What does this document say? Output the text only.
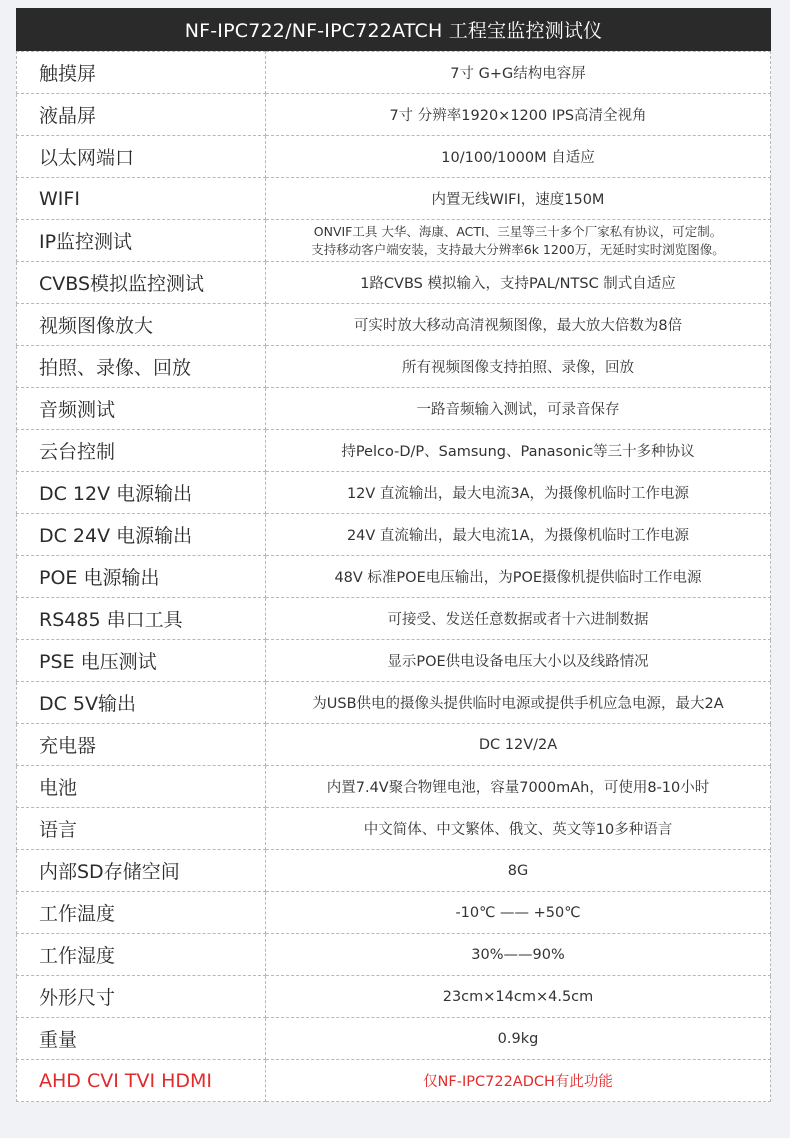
NF-IPC722/NF-IPC722ATCH 工程宝监控测试仪
触摸屏	7寸 G+G结构电容屏
液晶屏	7寸 分辨率1920×1200 IPS高清全视角
以太网端口	10/100/1000M 自适应
WIFI	内置无线WIFI，速度150M
IP监控测试	ONVIF工具 大华、海康、ACTI、三星等三十多个厂家私有协议，可定制。
支持移动客户端安装，支持最大分辨率6k 1200万，无延时实时浏览图像。

CVBS模拟监控测试	1路CVBS 模拟输入，支持PAL/NTSC 制式自适应
视频图像放大	可实时放大移动高清视频图像，最大放大倍数为8倍
拍照、录像、回放	所有视频图像支持拍照、录像，回放
音频测试	一路音频输入测试，可录音保存
云台控制	持Pelco-D/P、Samsung、Panasonic等三十多种协议
DC 12V 电源输出	12V 直流输出，最大电流3A，为摄像机临时工作电源
DC 24V 电源输出	24V 直流输出，最大电流1A，为摄像机临时工作电源
POE 电源输出	48V 标准POE电压输出，为POE摄像机提供临时工作电源
RS485 串口工具	可接受、发送任意数据或者十六进制数据
PSE 电压测试	显示POE供电设备电压大小以及线路情况
DC 5V输出	为USB供电的摄像头提供临时电源或提供手机应急电源，最大2A
充电器	DC 12V/2A
电池	内置7.4V聚合物锂电池，容量7000mAh，可使用8-10小时
语言	中文简体、中文繁体、俄文、英文等10多种语言
内部SD存储空间	8G
工作温度	-10℃ —— +50℃
工作湿度	30%——90%
外形尺寸	23cm×14cm×4.5cm
重量	0.9kg
AHD CVI TVI HDMI	仅NF-IPC722ADCH有此功能
